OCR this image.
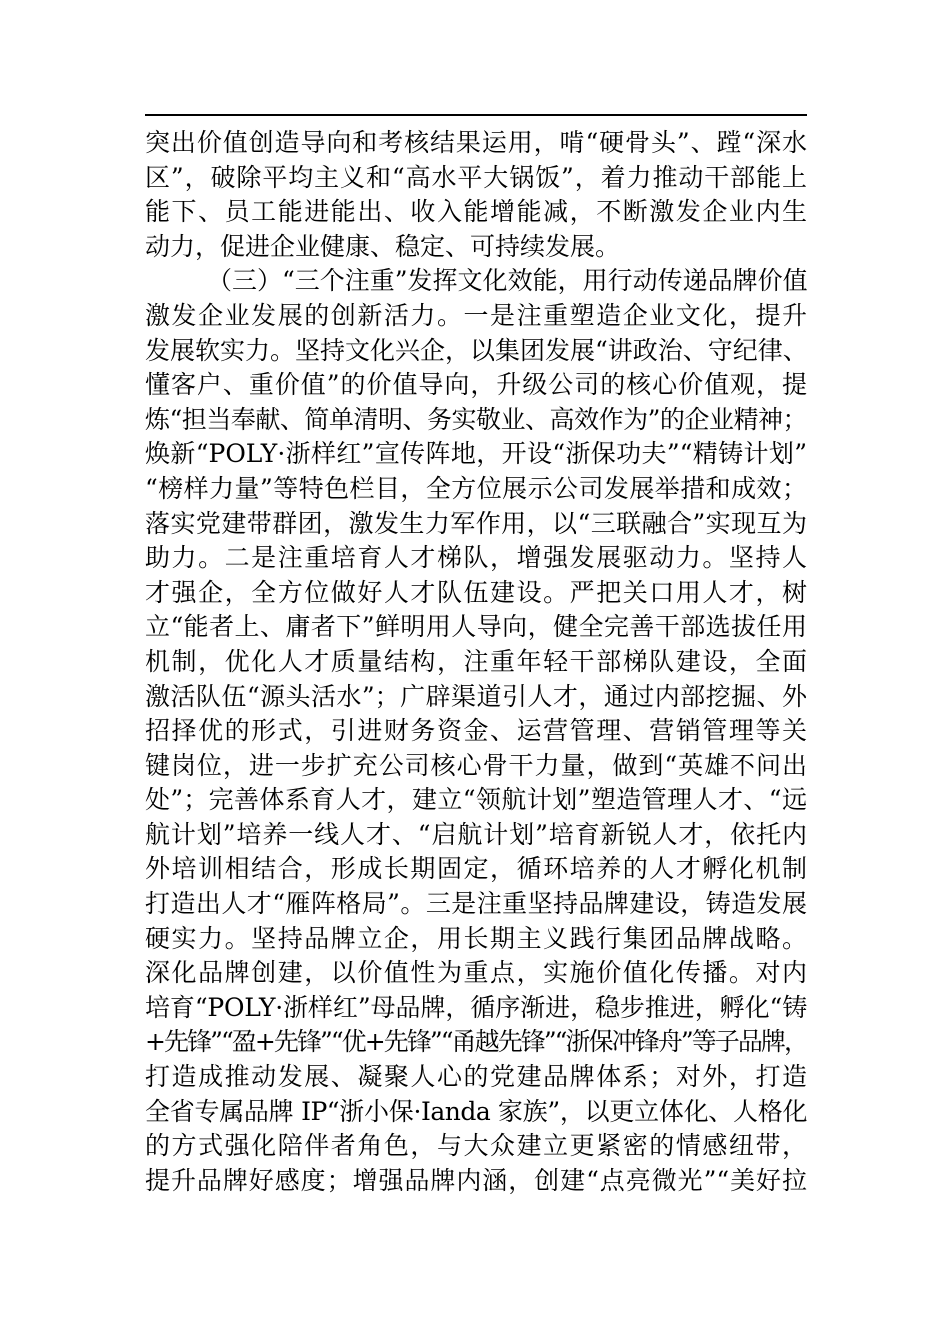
突出价值创造导向和考核结果运用，啃“硬骨头”、蹚“深水
区”，破除平均主义和“高水平大锅饭”，着力推动干部能上
能下、员工能进能出、收入能增能减，不断激发企业内生
动力，促进企业健康、稳定、可持续发展。
（三）“三个注重”发挥文化效能，用行动传递品牌价值
激发企业发展的创新活力。一是注重塑造企业文化，提升
发展软实力。坚持文化兴企，以集团发展“讲政治、守纪律、
懂客户、重价值”的价值导向，升级公司的核心价值观，提
炼“担当奉献、简单清明、务实敬业、高效作为”的企业精神；
焕新“POLY·浙样红”宣传阵地，开设“浙保功夫”“精铸计划”
“榜样力量”等特色栏目，全方位展示公司发展举措和成效；
落实党建带群团，激发生力军作用，以“三联融合”实现互为
助力。二是注重培育人才梯队，增强发展驱动力。坚持人
才强企，全方位做好人才队伍建设。严把关口用人才，树
立“能者上、庸者下”鲜明用人导向，健全完善干部选拔任用
机制，优化人才质量结构，注重年轻干部梯队建设，全面
激活队伍“源头活水”；广辟渠道引人才，通过内部挖掘、外
招择优的形式，引进财务资金、运营管理、营销管理等关
键岗位，进一步扩充公司核心骨干力量，做到“英雄不问出
处”；完善体系育人才，建立“领航计划”塑造管理人才、“远
航计划”培养一线人才、“启航计划”培育新锐人才，依托内
外培训相结合，形成长期固定，循环培养的人才孵化机制
打造出人才“雁阵格局”。三是注重坚持品牌建设，铸造发展
硬实力。坚持品牌立企，用长期主义践行集团品牌战略。
深化品牌创建，以价值性为重点，实施价值化传播。对内
培育“POLY·浙样红”母品牌，循序渐进，稳步推进，孵化“铸
+先锋”“盈+先锋”“优+先锋”“甬越先锋”“浙保冲锋舟”等子品牌，
打造成推动发展、凝聚人心的党建品牌体系；对外，打造
全省专属品牌 IP“浙小保·Ianda 家族”，以更立体化、人格化
的方式强化陪伴者角色，与大众建立更紧密的情感纽带，
提升品牌好感度；增强品牌内涵，创建“点亮微光”“美好拉
